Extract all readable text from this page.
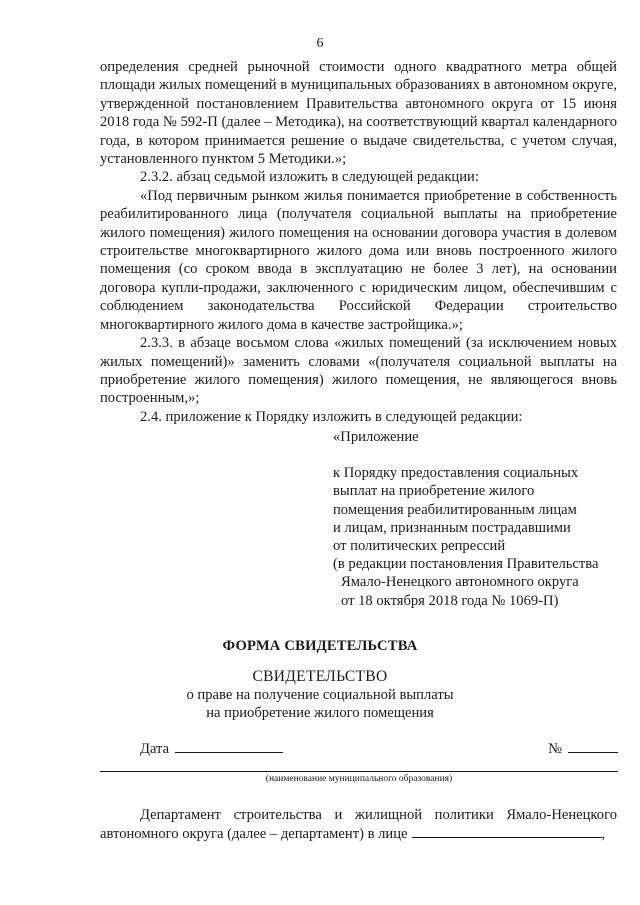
6

определения средней рыночной стоимости одного квадратного метра общей площади жилых помещений в муниципальных образованиях в автономном округе, утвержденной постановлением Правительства автономного округа от 15 июня 2018 года № 592-П (далее – Методика), на соответствующий квартал календарного года, в котором принимается решение о выдаче свидетельства, с учетом случая, установленного пунктом 5 Методики.»;

2.3.2. абзац седьмой изложить в следующей редакции:

«Под первичным рынком жилья понимается приобретение в собственность реабилитированного лица (получателя социальной выплаты на приобретение жилого помещения) жилого помещения на основании договора участия в долевом строительстве многоквартирного жилого дома или вновь построенного жилого помещения (со сроком ввода в эксплуатацию не более 3 лет), на основании договора купли-продажи, заключенного с юридическим лицом, обеспечившим с соблюдением законодательства Российской Федерации строительство многоквартирного жилого дома в качестве застройщика.»;

2.3.3. в абзаце восьмом слова «жилых помещений (за исключением новых жилых помещений)» заменить словами «(получателя социальной выплаты на приобретение жилого помещения) жилого помещения, не являющегося вновь построенным,»;

2.4. приложение к Порядку изложить в следующей редакции:

«Приложение
к Порядку предоставления социальных
выплат на приобретение жилого
помещения реабилитированным лицам
и лицам, признанным пострадавшими
от политических репрессий
(в редакции постановления Правительства
Ямало-Ненецкого автономного округа
от 18 октября 2018 года № 1069-П)
ФОРМА СВИДЕТЕЛЬСТВА
СВИДЕТЕЛЬСТВО
о праве на получение социальной выплаты
на приобретение жилого помещения
Дата	№
(наименование муниципального образования)

Департамент строительства и жилищной политики Ямало-Ненецкого автономного округа (далее – департамент) в лице	,
